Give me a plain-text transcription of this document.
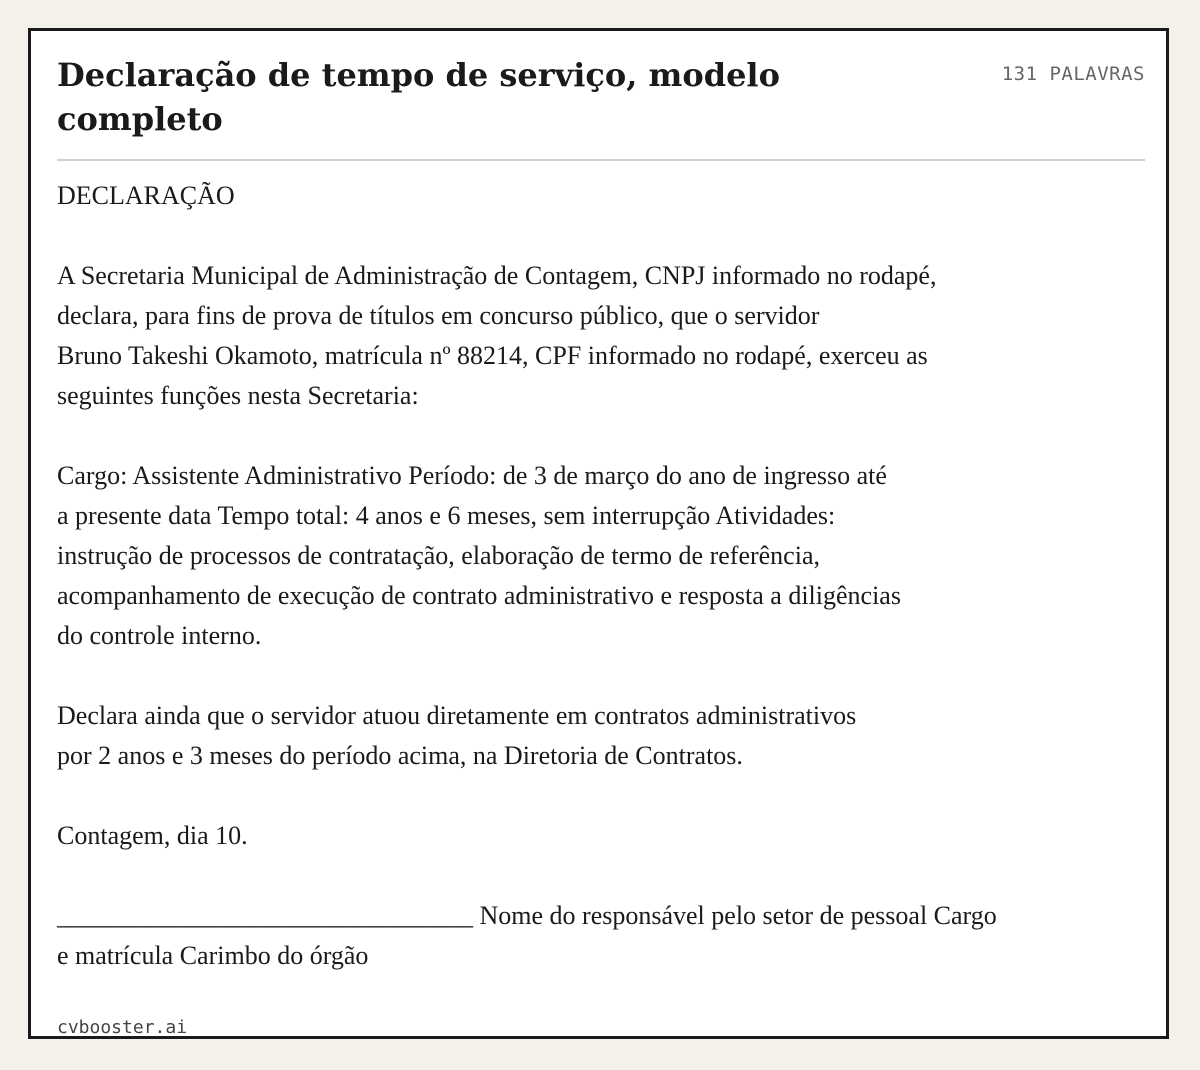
Declaração de tempo de serviço, modelo completo
131 PALAVRAS
DECLARAÇÃO

A Secretaria Municipal de Administração de Contagem, CNPJ informado no rodapé,
declara, para fins de prova de títulos em concurso público, que o servidor
Bruno Takeshi Okamoto, matrícula nº 88214, CPF informado no rodapé, exerceu as
seguintes funções nesta Secretaria:

Cargo: Assistente Administrativo Período: de 3 de março do ano de ingresso até
a presente data Tempo total: 4 anos e 6 meses, sem interrupção Atividades:
instrução de processos de contratação, elaboração de termo de referência,
acompanhamento de execução de contrato administrativo e resposta a diligências
do controle interno.

Declara ainda que o servidor atuou diretamente em contratos administrativos
por 2 anos e 3 meses do período acima, na Diretoria de Contratos.

Contagem, dia 10.

________________________________ Nome do responsável pelo setor de pessoal Cargo
e matrícula Carimbo do órgão
cvbooster.ai
